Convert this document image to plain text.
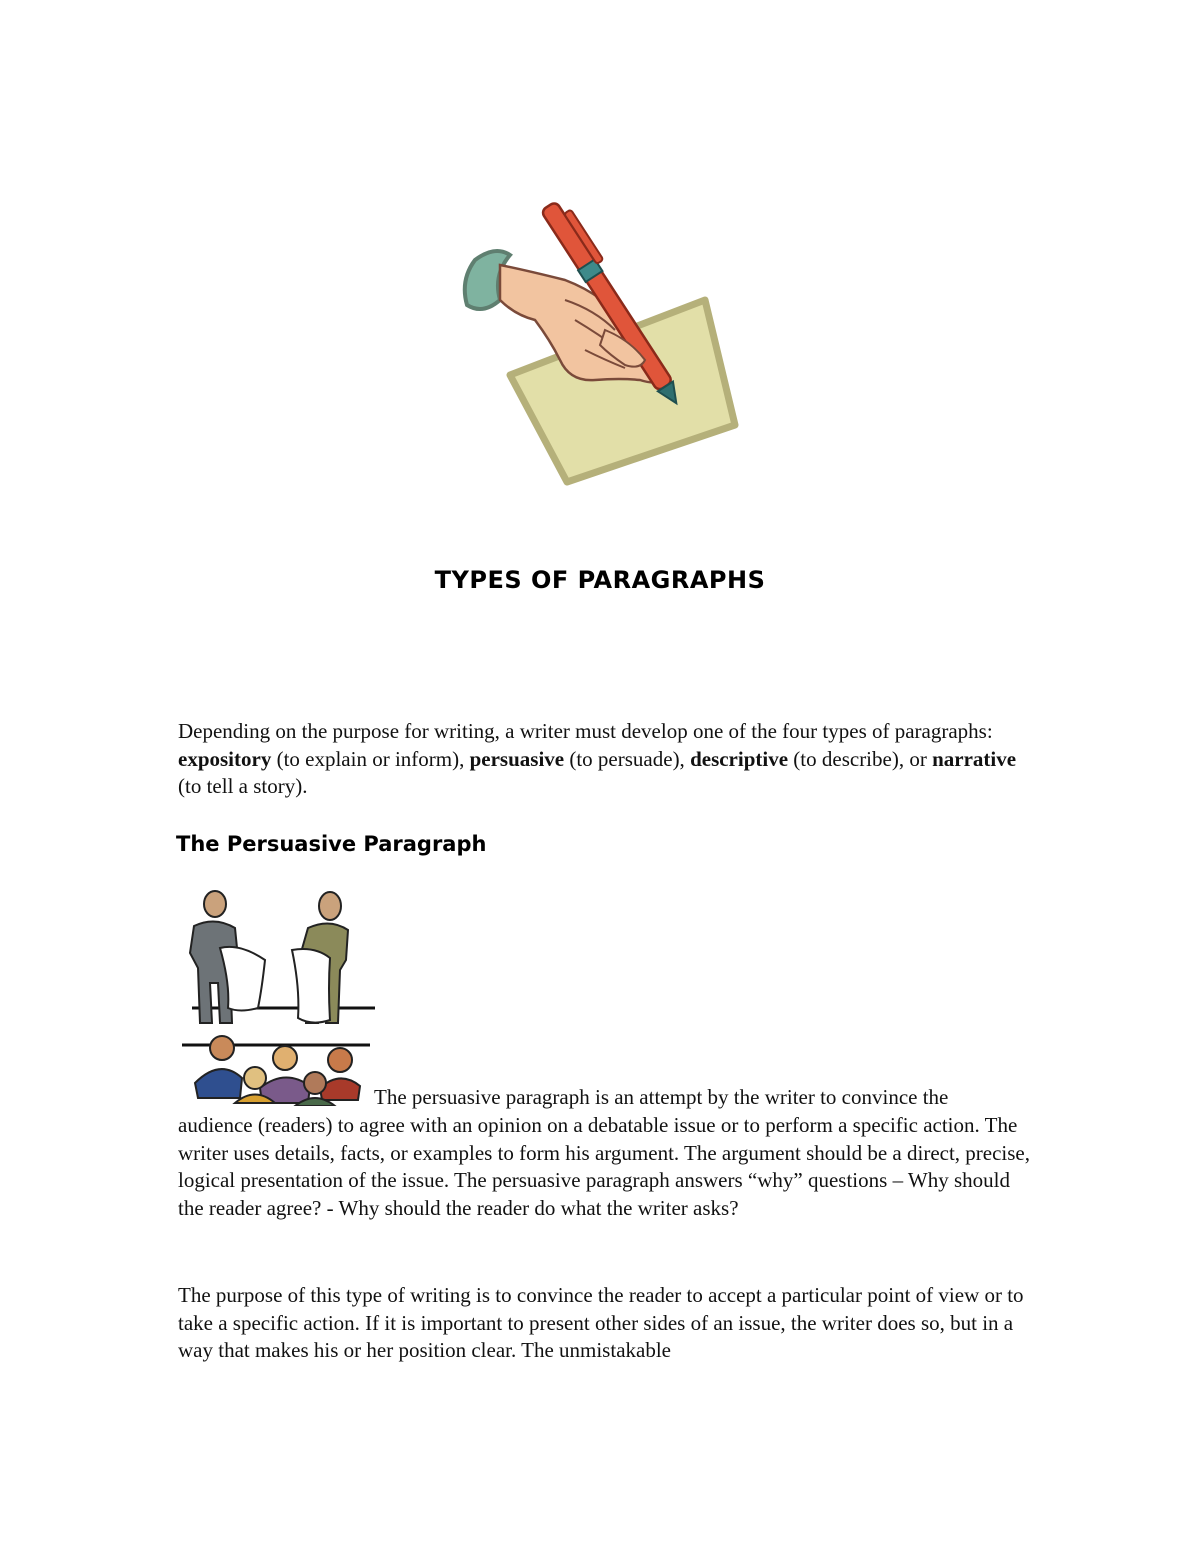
TYPES OF PARAGRAPHS

Depending on the purpose for writing, a writer must develop one of the four types of paragraphs: expository (to explain or inform), persuasive (to persuade), descriptive (to describe), or narrative (to tell a story).

The Persuasive Paragraph

The persuasive paragraph is an attempt by the writer to convince the

audience (readers) to agree with an opinion on a debatable issue or to perform a specific action. The writer uses details, facts, or examples to form his argument. The argument should be a direct, precise, logical presentation of the issue. The persuasive paragraph answers “why” questions – Why should the reader agree? - Why should the reader do what the writer asks?

The purpose of this type of writing is to convince the reader to accept a particular point of view or to take a specific action. If it is important to present other sides of an issue, the writer does so, but in a way that makes his or her position clear. The unmistakable
